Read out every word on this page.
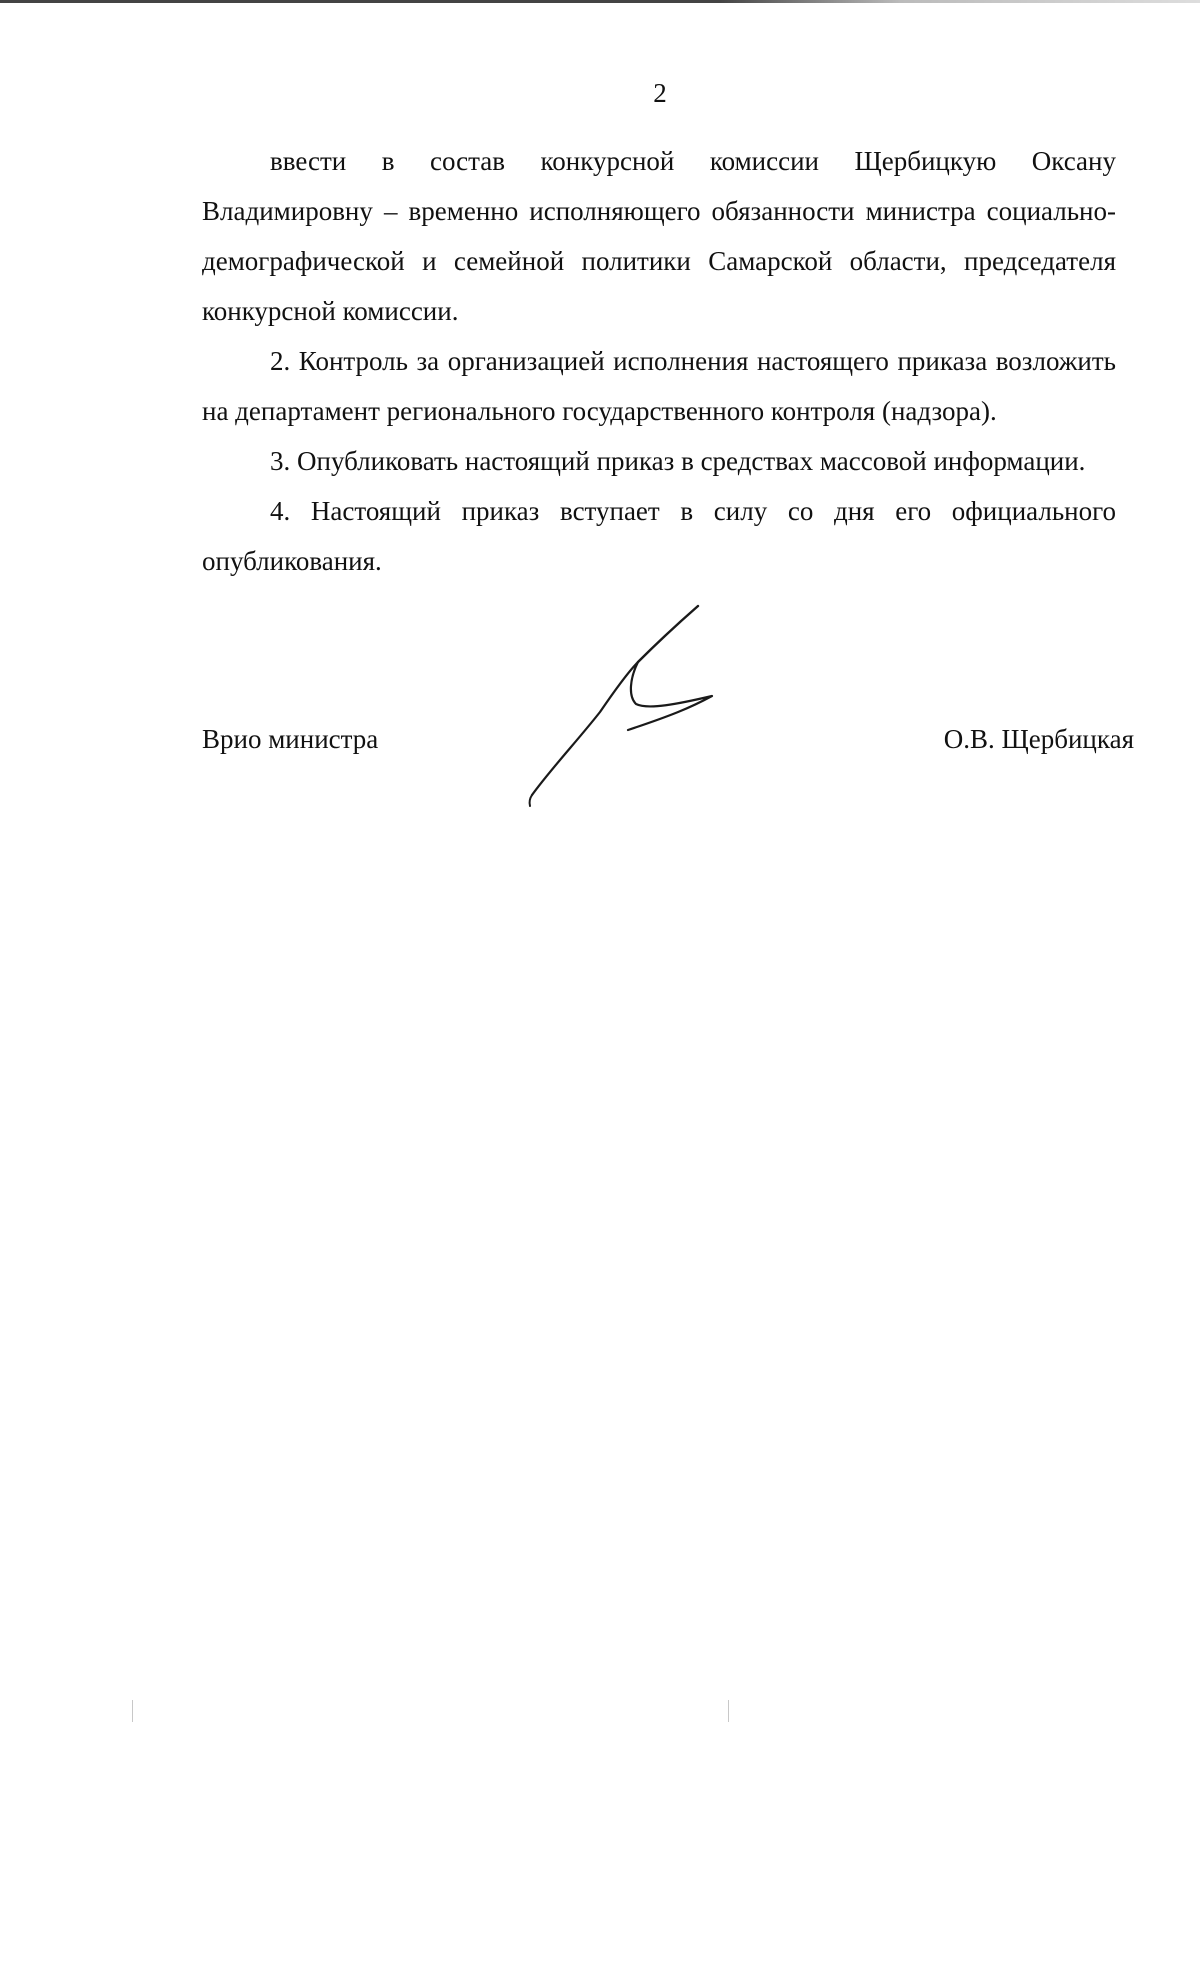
2

ввести в состав конкурсной комиссии Щербицкую Оксану Владимировну – временно исполняющего обязанности министра социально-демографической и семейной политики Самарской области, председателя конкурсной комиссии.

2. Контроль за организацией исполнения настоящего приказа возложить на департамент регионального государственного контроля (надзора).

3. Опубликовать настоящий приказ в средствах массовой информации.

4. Настоящий приказ вступает в силу со дня его официального опубликования.

Врио министра	О.В. Щербицкая
